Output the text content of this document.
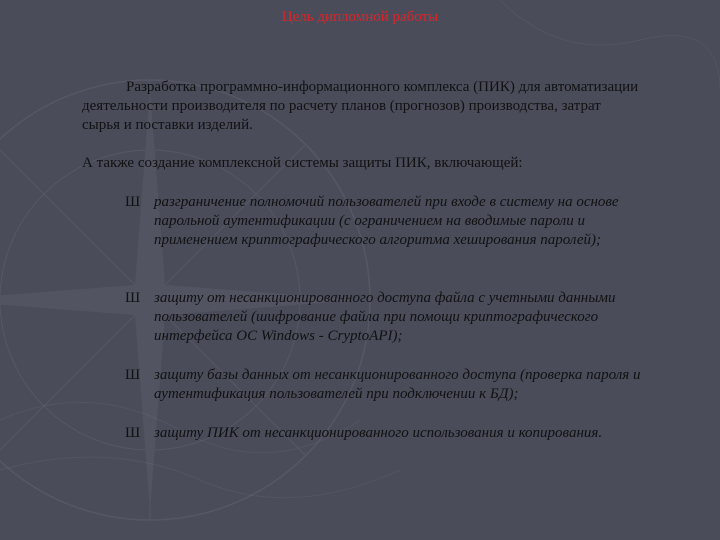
Цель дипломной работы

Разработка программно-информационного комплекса (ПИК) для автоматизации деятельности производителя по расчету планов (прогнозов) производства, затрат сырья и поставки изделий.

А также создание комплексной системы защиты ПИК, включающей:

Ш разграничение полномочий пользователей при входе в систему на основе парольной аутентификации (с ограничением на вводимые пароли и применением криптографического алгоритма хеширования паролей);
Ш защиту от несанкционированного доступа файла с учетными данными пользователей (шифрование файла при помощи криптографического интерфейса ОС Windows - CryptoAPI);
Ш защиту базы данных от несанкционированного доступа (проверка пароля и аутентификация пользователей при подключении к БД);
Ш защиту ПИК от несанкционированного использования и копирования.
